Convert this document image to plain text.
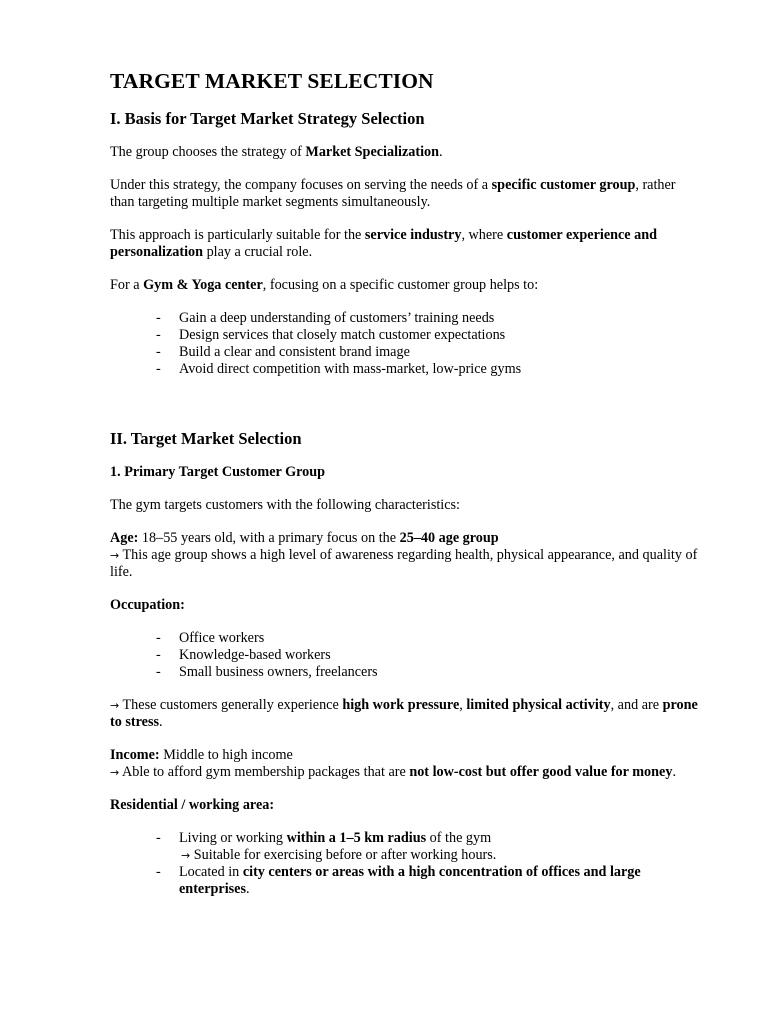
TARGET MARKET SELECTION
I. Basis for Target Market Strategy Selection

The group chooses the strategy of Market Specialization.

Under this strategy, the company focuses on serving the needs of a specific customer group, rather than targeting multiple market segments simultaneously.

This approach is particularly suitable for the service industry, where customer experience and personalization play a crucial role.

For a Gym & Yoga center, focusing on a specific customer group helps to:

- Gain a deep understanding of customers’ training needs
- Design services that closely match customer expectations
- Build a clear and consistent brand image
- Avoid direct competition with mass-market, low-price gyms
II. Target Market Selection
1. Primary Target Customer Group

The gym targets customers with the following characteristics:

Age: 18–55 years old, with a primary focus on the 25–40 age group
→ This age group shows a high level of awareness regarding health, physical appearance, and quality of life.

Occupation:

- Office workers
- Knowledge-based workers
- Small business owners, freelancers

→ These customers generally experience high work pressure, limited physical activity, and are prone to stress.

Income: Middle to high income
→ Able to afford gym membership packages that are not low-cost but offer good value for money.

Residential / working area:

- Living or working within a 1–5 km radius of the gym
→ Suitable for exercising before or after working hours.
- Located in city centers or areas with a high concentration of offices and large enterprises.
